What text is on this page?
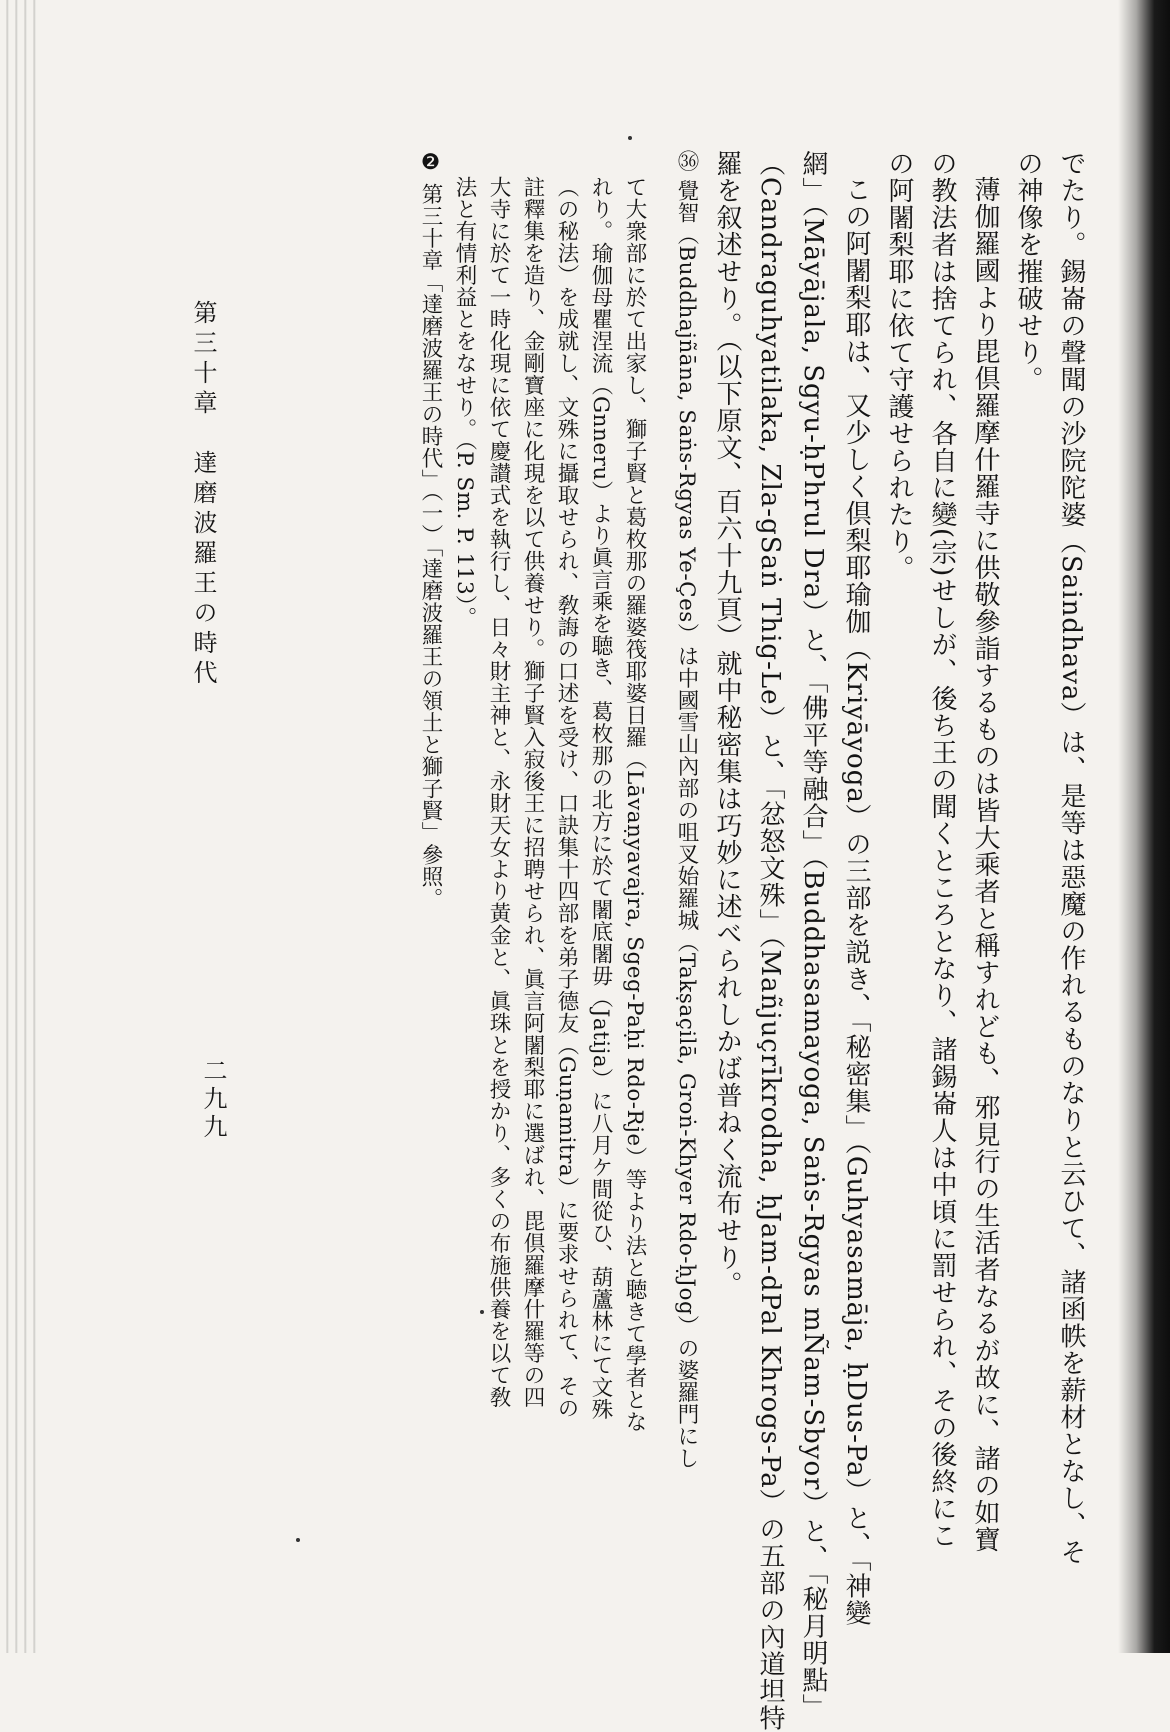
でたり。錫崙の聲聞の沙院陀婆（Saindhava）は、是等は惡魔の作れるものなりと云ひて、諸函帙を薪材となし、そ
の神像を摧破せり。
薄伽羅國より毘倶羅摩什羅寺に供敬參詣するものは皆大乘者と稱すれども、邪見行の生活者なるが故に、諸の如寶
の教法者は捨てられ、各自に變(宗)せしが、後ち王の聞くところとなり、諸錫崙人は中頃に罰せられ、その後終にこ
の阿闍梨耶に依て守護せられたり。
この阿闍梨耶は、又少しく倶梨耶瑜伽（Kriyāyoga）の三部を説き、「秘密集」（Guhyasamāja, ḥDus-Pa）と、「神變
網」（Māyājala, Sgyu-ḥPhrul Dra）と、「佛平等融合」（Buddhasamayoga, Saṅs-Rgyas mÑam-Sbyor）と、「秘月明點」
（Candraguhyatilaka, Zla-gSaṅ Thig-Le）と、「忿怒文殊」（Mañjuçrīkrodha, ḥJam-dPal Khrogs-Pa）の五部の內道坦特
羅を叙述せり。（以下原文、百六十九頁）就中秘密集は巧妙に述べられしかば普ねく流布せり。
㊱ 覺智（Buddhajñāna, Saṅs-Rgyas Ye-Çes）は中國雪山內部の咀叉始羅城（Takṣaçilā, Groṅ-Khyer Rdo-ḥJog）の婆羅門にし
て大衆部に於て出家し、獅子賢と葛枚那の羅婆筏耶婆日羅（Lāvaṇyavajra, Sgeg-Paḥi Rdo-Rje）等より法と聴きて學者とな
れり。瑜伽母瞿涅流（Gnneru）より眞言乘を聴き、葛枚那の北方に於て闍底闍毋（Jatija）に八月ケ間從ひ、葫蘆林にて文殊
（の秘法）を成就し、文殊に攝取せられ、敎誨の口述を受け、口訣集十四部を弟子德友（Guṇamitra）に要求せられて、その
註釋集を造り、金剛寶座に化現を以て供養せり。獅子賢入寂後王に招聘せられ、眞言阿闍梨耶に選ばれ、毘倶羅摩什羅等の四
大寺に於て一時化現に依て慶讃式を執行し、日々財主神と、永財天女より黃金と、眞珠とを授かり、多くの布施供養を以て敎
法と有情利益とをなせり。（P. Sm. P. 113）。
❷ 第三十章「達磨波羅王の時代」（一）「達磨波羅王の領土と獅子賢」參照。
第三十章　達磨波羅王の時代
二九九
